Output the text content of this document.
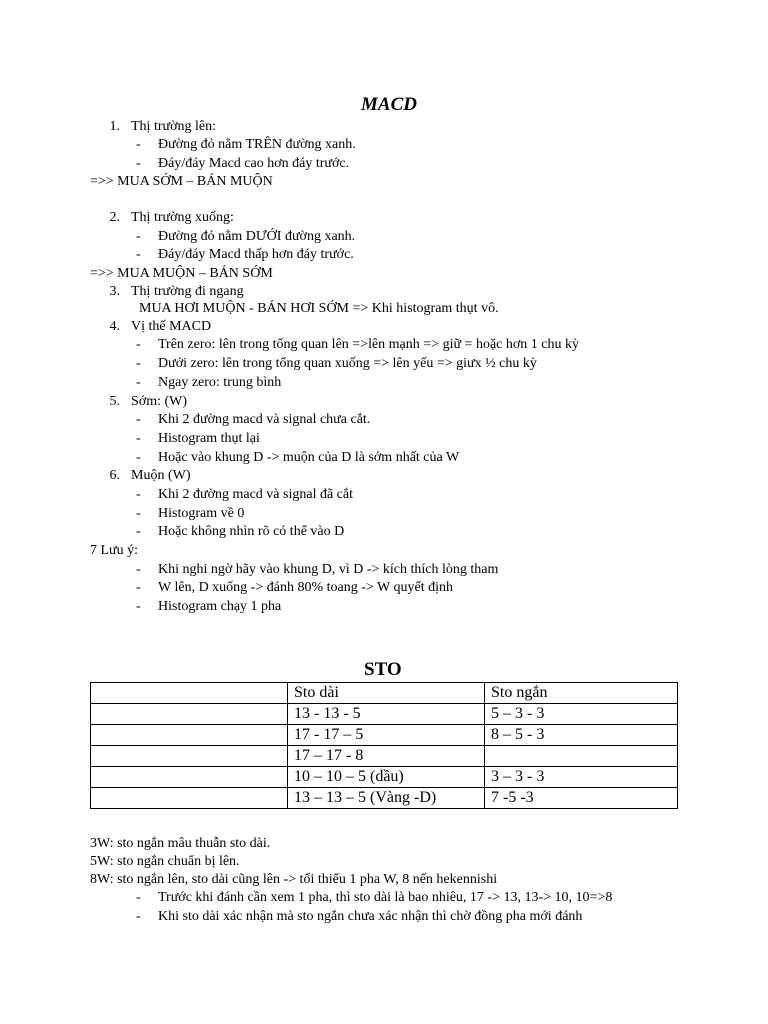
MACD
1. Thị trường lên:
- Đường đỏ nằm TRÊN đường xanh.
- Đáy/đáy Macd cao hơn đáy trước.
=>> MUA SỚM – BÁN MUỘN
2. Thị trường xuống:
- Đường đỏ nằm DƯỚI đường xanh.
- Đáy/đáy Macd thấp hơn đáy trước.
=>> MUA MUỘN – BÁN SỚM
3. Thị trường đi ngang
MUA HƠI MUỘN - BÁN HƠI SỚM => Khi histogram thụt vô.
4. Vị thế MACD
- Trên zero: lên trong tổng quan lên =>lên mạnh => giữ = hoặc hơn 1 chu kỳ
- Dưới zero: lên trong tổng quan xuống => lên yếu => giưx ½ chu kỳ
- Ngay zero: trung bình
5. Sớm: (W)
- Khi 2 đường macd và signal chưa cắt.
- Histogram thụt lại
- Hoặc vào khung D -> muộn của D là sớm nhất của W
6. Muộn (W)
- Khi 2 đường macd và signal đã cắt
- Histogram về 0
- Hoặc không nhìn rõ có thể vào D
7 Lưu ý:
- Khi nghi ngờ hãy vào khung D, vì D -> kích thích lòng tham
- W lên, D xuống -> đánh 80% toang -> W quyết định
- Histogram chạy 1 pha
STO
	Sto dài	Sto ngắn
	13 - 13 - 5	5 – 3 - 3
	17 - 17 – 5	8 – 5 - 3
	17 – 17 - 8	
	10 – 10 – 5 (dầu)	3 – 3 - 3
	13 – 13 – 5 (Vàng -D)	7 -5 -3
3W: sto ngắn mâu thuẫn sto dài.
5W: sto ngắn chuẩn bị lên.
8W: sto ngắn lên, sto dài cũng lên -> tối thiểu 1 pha W, 8 nến hekennishi
- Trước khi đánh cần xem 1 pha, thì sto dài là bao nhiêu, 17 -> 13, 13-> 10, 10=>8
- Khi sto dài xác nhận mà sto ngắn chưa xác nhận thì chờ đồng pha mới đánh
